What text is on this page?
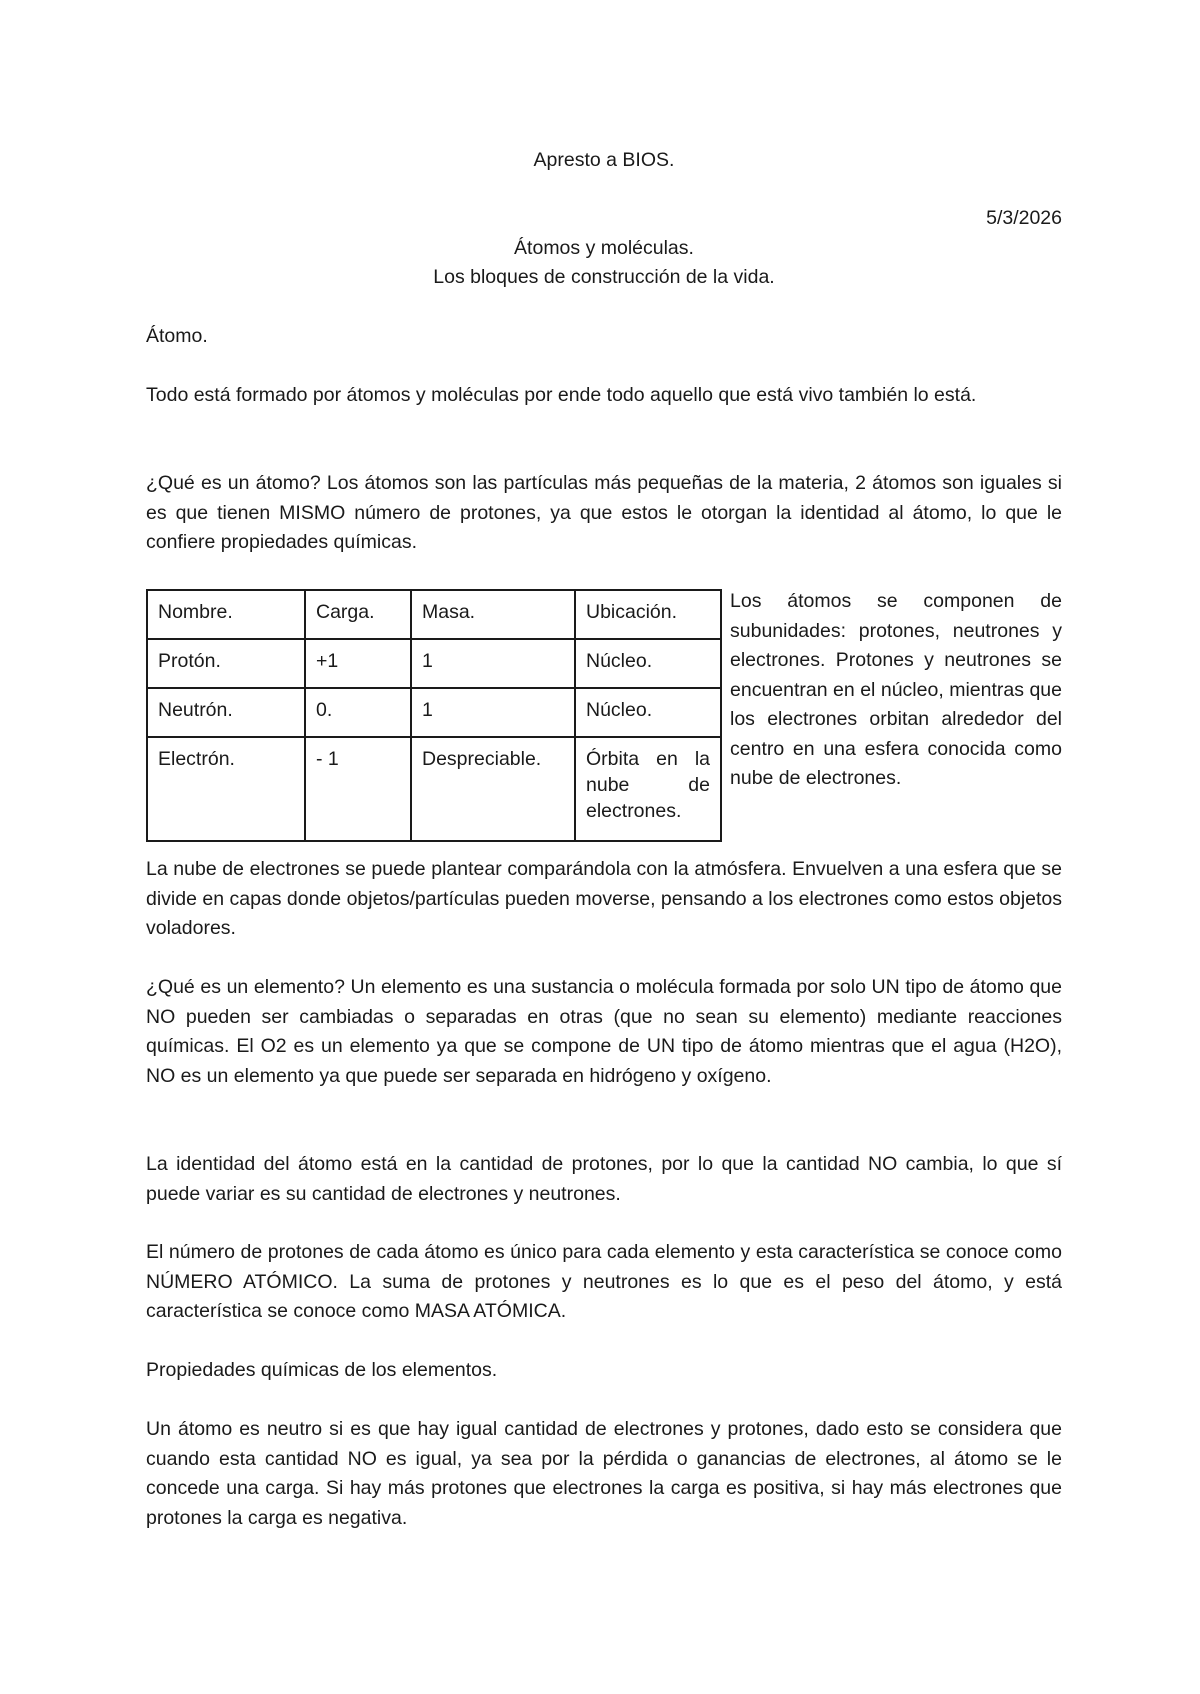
Apresto a BIOS.
5/3/2026
Átomos y moléculas.
Los bloques de construcción de la vida.
Átomo.

Todo está formado por átomos y moléculas por ende todo aquello que está vivo también lo está.

¿Qué es un átomo? Los átomos son las partículas más pequeñas de la materia, 2 átomos son iguales si es que tienen MISMO número de protones, ya que estos le otorgan la identidad al átomo, lo que le confiere propiedades químicas.

Nombre.	Carga.	Masa.	Ubicación.
Protón.	+1	1	Núcleo.
Neutrón.	0.	1	Núcleo.
Electrón.	- 1	Despreciable.	Órbita en la nube de electrones.

Los átomos se componen de subunidades: protones, neutrones y electrones. Protones y neutrones se encuentran en el núcleo, mientras que los electrones orbitan alrededor del centro en una esfera conocida como nube de electrones.

La nube de electrones se puede plantear comparándola con la atmósfera. Envuelven a una esfera que se divide en capas donde objetos/partículas pueden moverse, pensando a los electrones como estos objetos voladores.

¿Qué es un elemento? Un elemento es una sustancia o molécula formada por solo UN tipo de átomo que NO pueden ser cambiadas o separadas en otras (que no sean su elemento) mediante reacciones químicas. El O2 es un elemento ya que se compone de UN tipo de átomo mientras que el agua (H2O), NO es un elemento ya que puede ser separada en hidrógeno y oxígeno.

La identidad del átomo está en la cantidad de protones, por lo que la cantidad NO cambia, lo que sí puede variar es su cantidad de electrones y neutrones.

El número de protones de cada átomo es único para cada elemento y esta característica se conoce como NÚMERO ATÓMICO. La suma de protones y neutrones es lo que es el peso del átomo, y está característica se conoce como MASA ATÓMICA.

Propiedades químicas de los elementos.

Un átomo es neutro si es que hay igual cantidad de electrones y protones, dado esto se considera que cuando esta cantidad NO es igual, ya sea por la pérdida o ganancias de electrones, al átomo se le concede una carga. Si hay más protones que electrones la carga es positiva, si hay más electrones que protones la carga es negativa.
